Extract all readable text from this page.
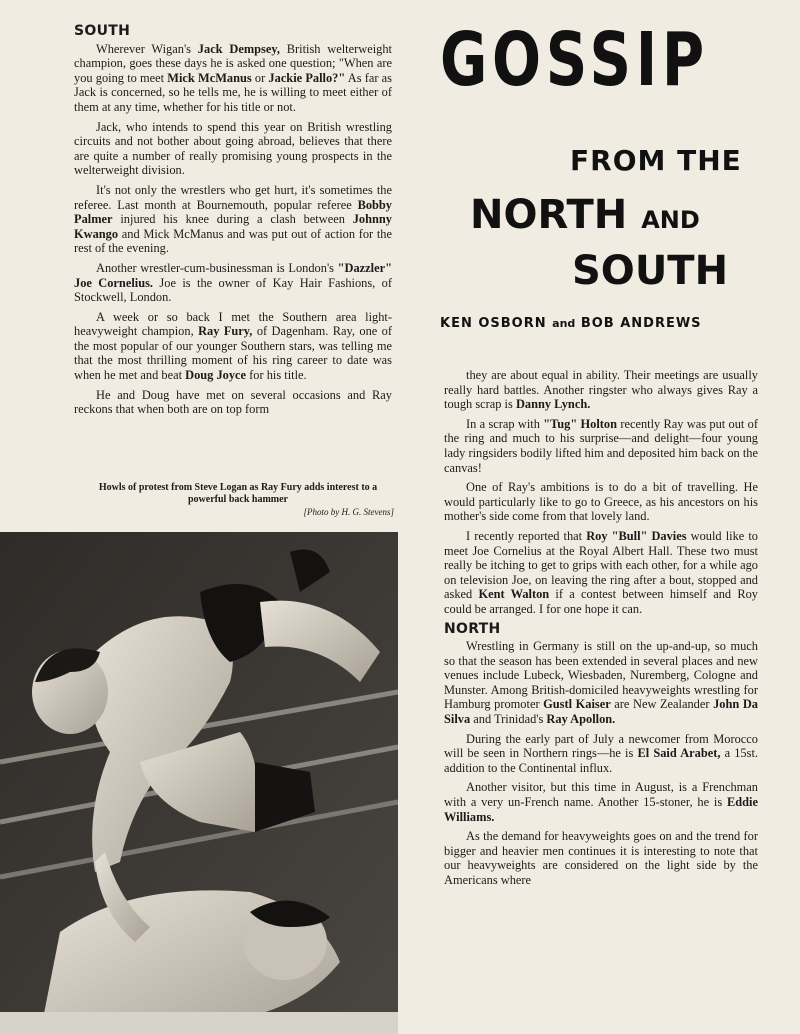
SOUTH

Wherever Wigan's Jack Dempsey, British welterweight champion, goes these days he is asked one question; "When are you going to meet Mick McManus or Jackie Pallo?" As far as Jack is concerned, so he tells me, he is willing to meet either of them at any time, whether for his title or not.

Jack, who intends to spend this year on British wrestling circuits and not bother about going abroad, believes that there are quite a number of really promising young prospects in the welterweight division.

It's not only the wrestlers who get hurt, it's sometimes the referee. Last month at Bournemouth, popular referee Bobby Palmer injured his knee during a clash between Johnny Kwango and Mick McManus and was put out of action for the rest of the evening.

Another wrestler-cum-businessman is London's "Dazzler" Joe Cornelius. Joe is the owner of Kay Hair Fashions, of Stockwell, London.

A week or so back I met the Southern area light-heavyweight champion, Ray Fury, of Dagenham. Ray, one of the most popular of our younger Southern stars, was telling me that the most thrilling moment of his ring career to date was when he met and beat Doug Joyce for his title.

He and Doug have met on several occasions and Ray reckons that when both are on top form

Howls of protest from Steve Logan as Ray Fury adds interest to a powerful back hammer
[Photo by H. G. Stevens]
GOSSIP
FROM THE
NORTH AND
SOUTH
KEN OSBORN and BOB ANDREWS

they are about equal in ability. Their meetings are usually really hard battles. Another ringster who always gives Ray a tough scrap is Danny Lynch.

In a scrap with "Tug" Holton recently Ray was put out of the ring and much to his surprise—and delight—four young lady ringsiders bodily lifted him and deposited him back on the canvas!

One of Ray's ambitions is to do a bit of travelling. He would particularly like to go to Greece, as his ancestors on his mother's side come from that lovely land.

I recently reported that Roy "Bull" Davies would like to meet Joe Cornelius at the Royal Albert Hall. These two must really be itching to get to grips with each other, for a while ago on television Joe, on leaving the ring after a bout, stopped and asked Kent Walton if a contest between himself and Roy could be arranged. I for one hope it can.

NORTH

Wrestling in Germany is still on the up-and-up, so much so that the season has been extended in several places and new venues include Lubeck, Wiesbaden, Nuremberg, Cologne and Munster. Among British-domiciled heavyweights wrestling for Hamburg promoter Gustl Kaiser are New Zealander John Da Silva and Trinidad's Ray Apollon.

During the early part of July a newcomer from Morocco will be seen in Northern rings—he is El Said Arabet, a 15st. addition to the Continental influx.

Another visitor, but this time in August, is a Frenchman with a very un-French name. Another 15-stoner, he is Eddie Williams.

As the demand for heavyweights goes on and the trend for bigger and heavier men continues it is interesting to note that our heavyweights are considered on the light side by the Americans where
